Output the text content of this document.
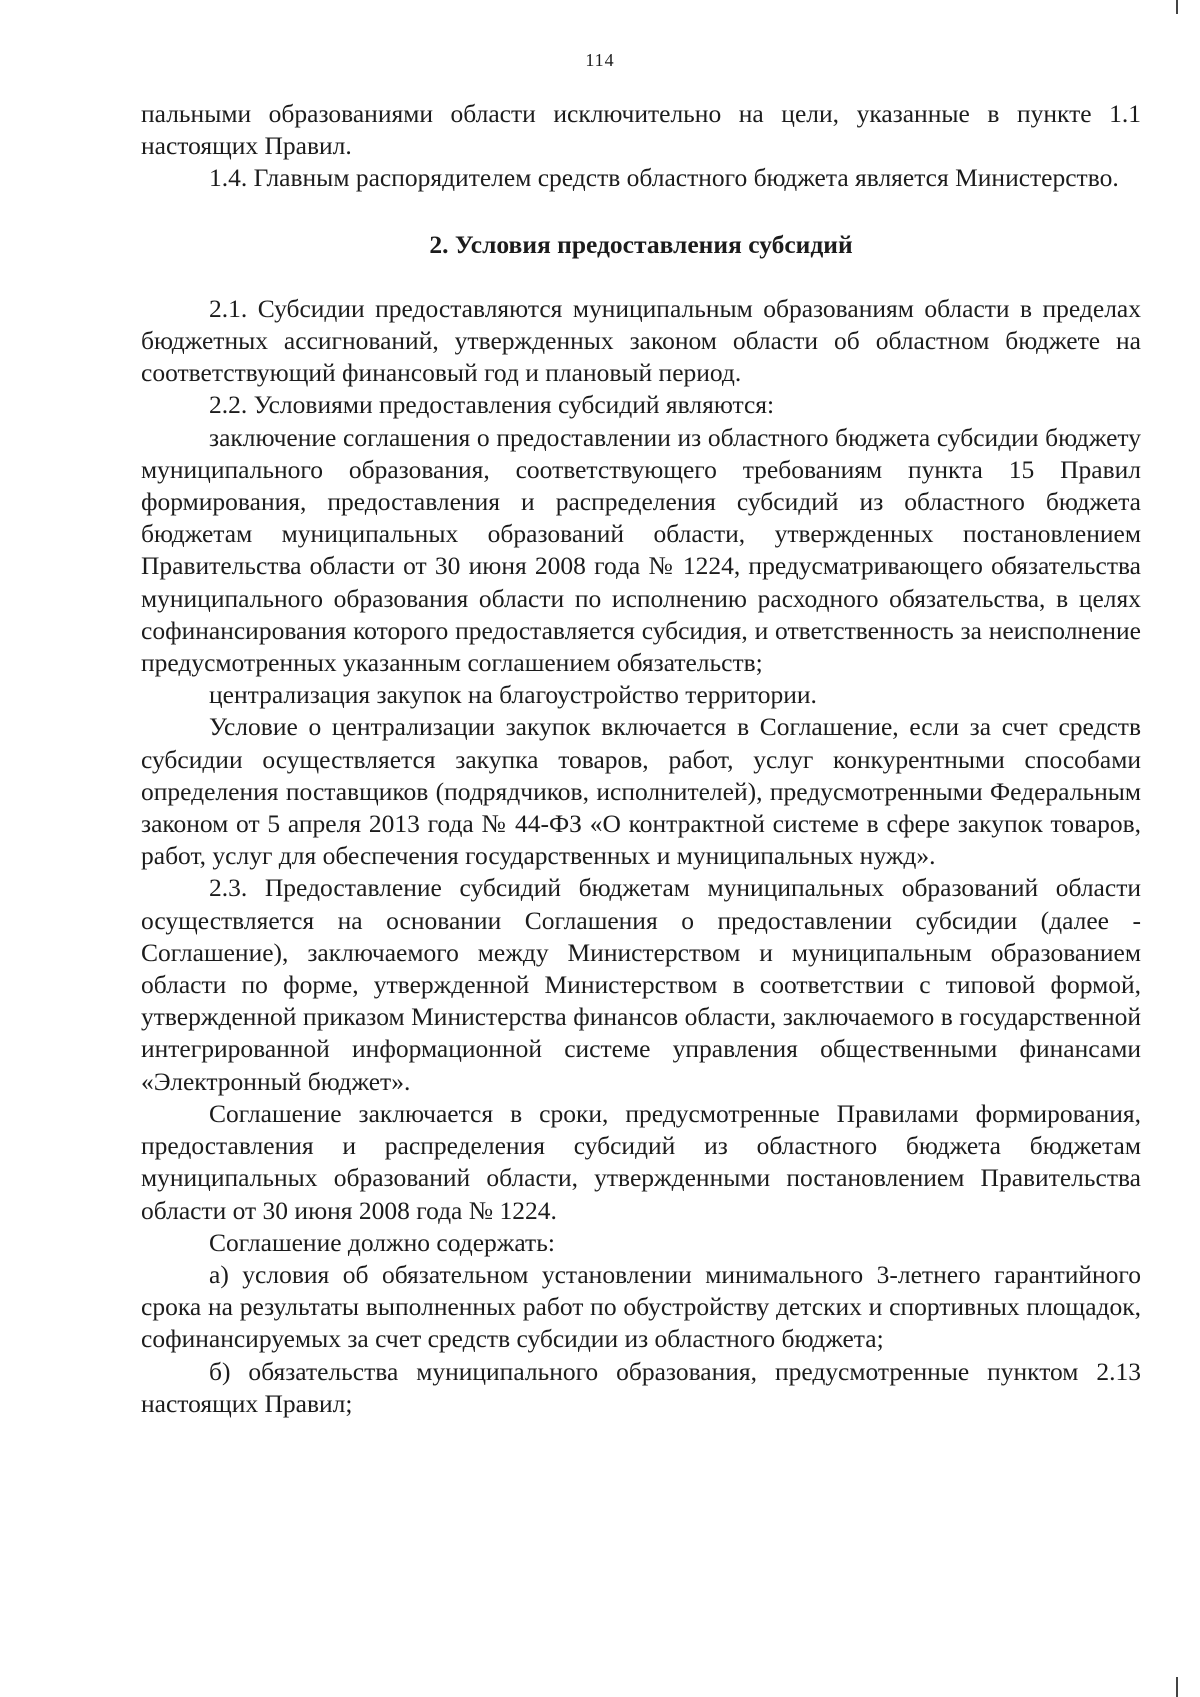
114

пальными образованиями области исключительно на цели, указанные в пункте 1.1 настоящих Правил.

1.4. Главным распорядителем средств областного бюджета является Министерство.

2. Условия предоставления субсидий

2.1. Субсидии предоставляются муниципальным образованиям области в пределах бюджетных ассигнований, утвержденных законом области об областном бюджете на соответствующий финансовый год и плановый период.

2.2. Условиями предоставления субсидий являются:

заключение соглашения о предоставлении из областного бюджета субсидии бюджету муниципального образования, соответствующего требованиям пункта 15 Правил формирования, предоставления и распределения субсидий из областного бюджета бюджетам муниципальных образований области, утвержденных постановлением Правительства области от 30 июня 2008 года № 1224, предусматривающего обязательства муниципального образования области по исполнению расходного обязательства, в целях софинансирования которого предоставляется субсидия, и ответственность за неисполнение предусмотренных указанным соглашением обязательств;

централизация закупок на благоустройство территории.

Условие о централизации закупок включается в Соглашение, если за счет средств субсидии осуществляется закупка товаров, работ, услуг конкурентными способами определения поставщиков (подрядчиков, исполнителей), предусмотренными Федеральным законом от 5 апреля 2013 года № 44-ФЗ «О контрактной системе в сфере закупок товаров, работ, услуг для обеспечения государственных и муниципальных нужд».

2.3. Предоставление субсидий бюджетам муниципальных образований области осуществляется на основании Соглашения о предоставлении субсидии (далее - Соглашение), заключаемого между Министерством и муниципальным образованием области по форме, утвержденной Министерством в соответствии с типовой формой, утвержденной приказом Министерства финансов области, заключаемого в государственной интегрированной информационной системе управления общественными финансами «Электронный бюджет».

Соглашение заключается в сроки, предусмотренные Правилами формирования, предоставления и распределения субсидий из областного бюджета бюджетам муниципальных образований области, утвержденными постановлением Правительства области от 30 июня 2008 года № 1224.

Соглашение должно содержать:

а) условия об обязательном установлении минимального 3-летнего гарантийного срока на результаты выполненных работ по обустройству детских и спортивных площадок, софинансируемых за счет средств субсидии из областного бюджета;

б) обязательства муниципального образования, предусмотренные пунктом 2.13 настоящих Правил;
